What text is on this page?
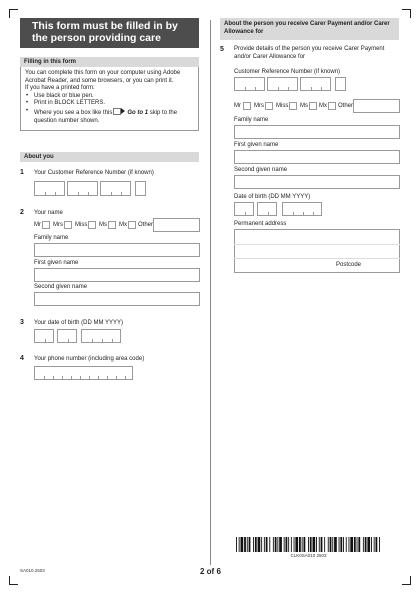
This form must be filled in by the person providing care
Filling in this form

You can complete this form on your computer using Adobe Acrobat Reader, and some browsers, or you can print it.

If you have a printed form:

• Use black or blue pen.
• Print in BLOCK LETTERS.
• Where you see a box like this	Go to 1 skip to the question number shown.
About you
1 Your Customer Reference Number (if known)
2 Your name
Mr Mrs Miss Ms Mx Other
Family name
First given name
Second given name
3 Your date of birth (DD MM YYYY)
4 Your phone number (including area code)
About the person you receive Carer Payment and/or Carer Allowance for
5 Provide details of the person you receive Carer Payment and/or Carer Allowance for
Customer Reference Number (if known)
Mr Mrs Miss Ms Mx Other
Family name
First given name
Second given name
Date of birth (DD MM YYYY)
Permanent address
Postcode
CLK0SA010 2503
SA010.2503	2 of 6
